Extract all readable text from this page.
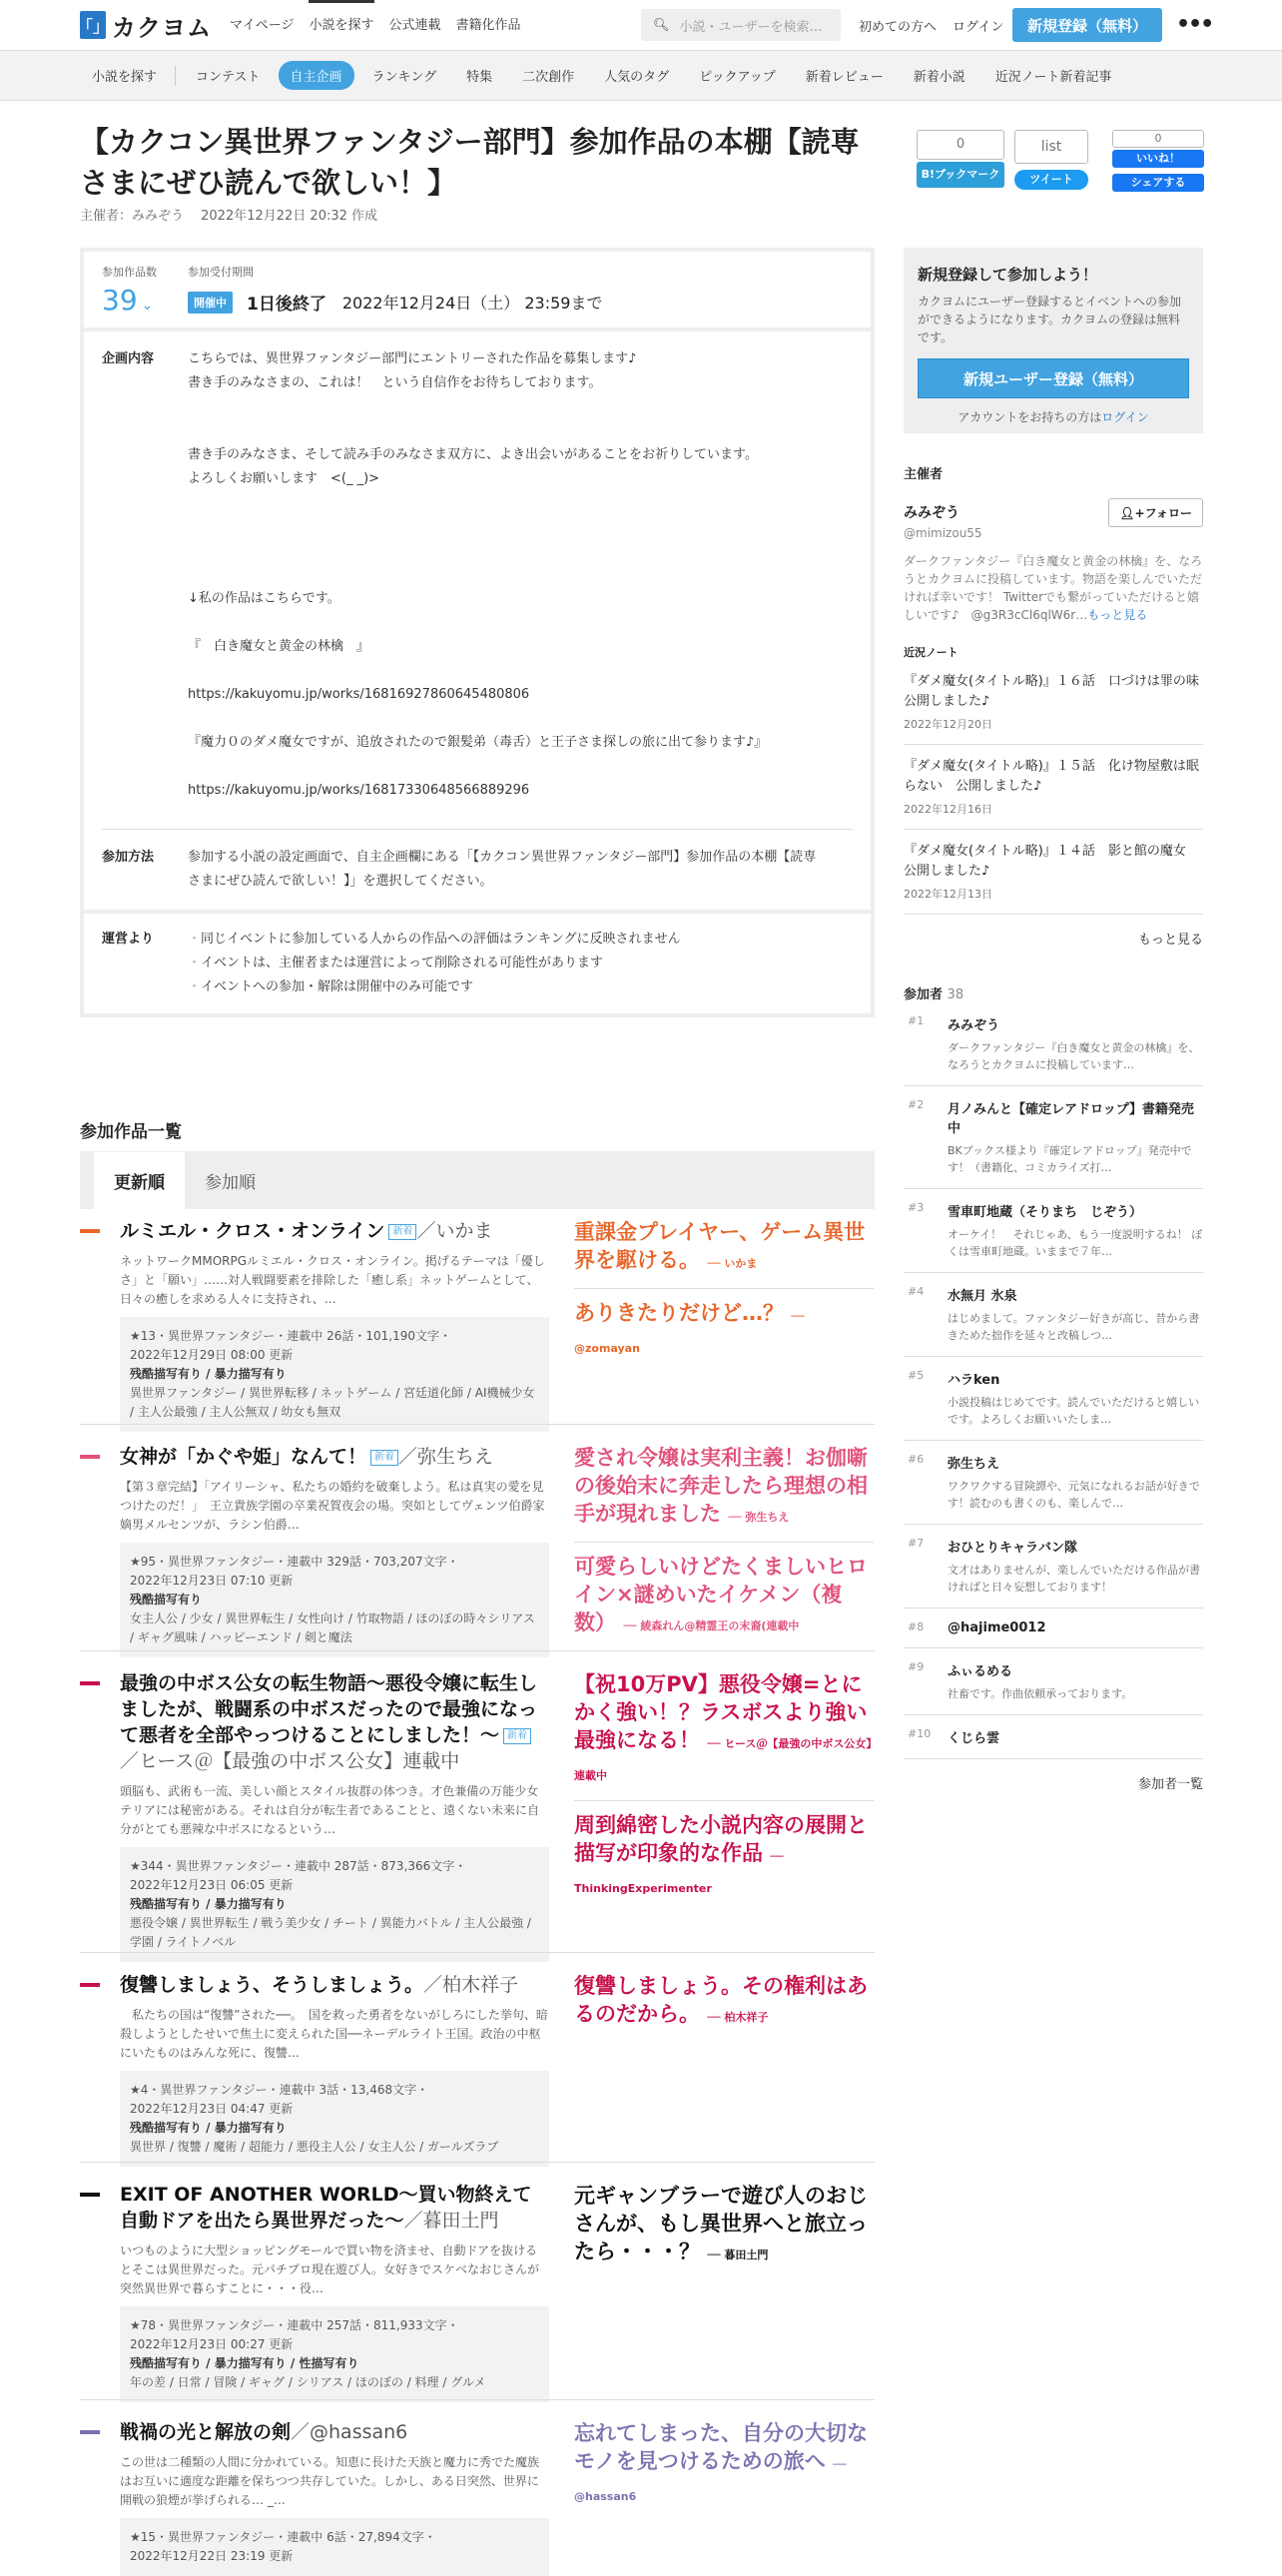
「」 カクヨム マイページ 小説を探す 公式連載 書籍化作品	🔍︎ 小説・ユーザーを検索…	初めての方へ ログイン	新規登録（無料）	•••
小説を探す	コンテスト	自主企画	ランキング	特集	二次創作	人気のタグ	ピックアップ	新着レビュー	新着小説	近況ノート新着記事
【カクコン異世界ファンタジー部門】参加作品の本棚【読専さまにぜひ読んで欲しい！】
主催者：みみぞう　 2022年12月22日 20:32 作成
0
B!ブックマーク
list
ツイート
0
いいね！
シェアする
参加作品数
39 ⌄
参加受付期間
開催中	1日後終了 2022年12月24日（土） 23:59まで
企画内容	こちらでは、異世界ファンタジー部門にエントリーされた作品を募集します♪

書き手のみなさまの、これは！　という自信作をお待ちしております。

書き手のみなさま、そして読み手のみなさま双方に、よき出会いがあることをお祈りしています。

よろしくお願いします　<(_ _)>

↓私の作品はこちらです。

『　白き魔女と黄金の林檎　』

https://kakuyomu.jp/works/16816927860645480806

『魔力０のダメ魔女ですが、追放されたので銀髪弟（毒舌）と王子さま探しの旅に出て参ります♪』

https://kakuyomu.jp/works/16817330648566889296

参加方法	参加する小説の設定画面で、自主企画欄にある「【カクコン異世界ファンタジー部門】参加作品の本棚【読専さまにぜひ読んで欲しい！】」を選択してください。
運営より
・	同じイベントに参加している人からの作品への評価はランキングに反映されません
・ イベントは、主催者または運営によって削除される可能性があります
・ イベントへの参加・解除は開催中のみ可能です
参加作品一覧
更新順	参加順
ルミエル・クロス・オンライン 新着 ／いかま
ネットワークMMORPGルミエル・クロス・オンライン。掲げるテーマは「優しさ」と「願い」……対人戦闘要素を排除した「癒し系」ネットゲームとして、日々の癒しを求める人々に支持され、…
★13・異世界ファンタジー・連載中 26話・101,190文字・
2022年12月29日 08:00 更新
残酷描写有り / 暴力描写有り
異世界ファンタジー / 異世界転移 / ネットゲーム / 宮廷道化師 / AI機械少女 / 主人公最強 / 主人公無双 / 幼女も無双
重課金プレイヤー、ゲーム異世界を駆ける。 ── いかま
ありきたりだけど…？ ── @zomayan
女神が「かぐや姫」なんて！ 新着 ／弥生ちえ
【第３章完結】「アイリーシャ、私たちの婚約を破棄しよう。私は真実の愛を見つけたのだ！」　王立貴族学園の卒業祝賀夜会の場。突如としてヴェンツ伯爵家嫡男メルセンツが、ラシン伯爵…
★95・異世界ファンタジー・連載中 329話・703,207文字・
2022年12月23日 07:10 更新
残酷描写有り
女主人公 / 少女 / 異世界転生 / 女性向け / 竹取物語 / ほのぼの時々シリアス / ギャグ風味 / ハッピーエンド / 剣と魔法
愛され令嬢は実利主義！お伽噺の後始末に奔走したら理想の相手が現れました ── 弥生ちえ
可愛らしいけどたくましいヒロイン×謎めいたイケメン（複数） ── 綾森れん@精霊王の末裔(連載中
最強の中ボス公女の転生物語～悪役令嬢に転生しましたが、戦闘系の中ボスだったので最強になって悪者を全部やっつけることにしました！～ 新着／ヒース＠【最強の中ボス公女】連載中
頭脳も、武術も一流、美しい顔とスタイル抜群の体つき。才色兼備の万能少女テリアには秘密がある。それは自分が転生者であることと、遠くない未来に自分がとても悪辣な中ボスになるという…
★344・異世界ファンタジー・連載中 287話・873,366文字・
2022年12月23日 06:05 更新
残酷描写有り / 暴力描写有り
悪役令嬢 / 異世界転生 / 戦う美少女 / チート / 異能力バトル / 主人公最強 / 学園 / ライトノベル
【祝10万PV】悪役令嬢=とにかく強い！？ラスボスより強い最強になる！ ── ヒース＠【最強の中ボス公女】連載中
周到綿密した小説内容の展開と描写が印象的な作品 ── ThinkingExperimenter
復讐しましょう、そうしましょう。／柏木祥子
　私たちの国は“復讐”された──。　国を救った勇者をないがしろにした挙句、暗殺しようとしたせいで焦土に変えられた国──ネーデルライト王国。政治の中枢にいたものはみんな死に、復讐…
★4・異世界ファンタジー・連載中 3話・13,468文字・
2022年12月23日 04:47 更新
残酷描写有り / 暴力描写有り
異世界 / 復讐 / 魔術 / 超能力 / 悪役主人公 / 女主人公 / ガールズラブ
復讐しましょう。その権利はあるのだから。 ── 柏木祥子
EXIT OF ANOTHER WORLD～買い物終えて自動ドアを出たら異世界だった～／暮田土門
いつものように大型ショッピングモールで買い物を済ませ、自動ドアを抜けるとそこは異世界だった。元パチプロ現在遊び人。女好きでスケベなおじさんが突然異世界で暮らすことに・・・役…
★78・異世界ファンタジー・連載中 257話・811,933文字・
2022年12月23日 00:27 更新
残酷描写有り / 暴力描写有り / 性描写有り
年の差 / 日常 / 冒険 / ギャグ / シリアス / ほのぼの / 料理 / グルメ
元ギャンブラーで遊び人のおじさんが、もし異世界へと旅立ったら・・・？ ── 暮田土門
戦禍の光と解放の剣／@hassan6
この世は二種類の人間に分かれている。知恵に長けた天族と魔力に秀でた魔族はお互いに適度な距離を保ちつつ共存していた。しかし、ある日突然、世界に開戦の狼煙が挙げられる… _…
★15・異世界ファンタジー・連載中 6話・27,894文字・
2022年12月22日 23:19 更新
忘れてしまった、自分の大切なモノを見つけるための旅へ ── @hassan6
新規登録して参加しよう！

カクヨムにユーザー登録するとイベントへの参加ができるようになります。カクヨムの登録は無料です。

新規ユーザー登録（無料）
アカウントをお持ちの方はログイン
主催者
みみぞう
@mimizou55
👤︎+フォロー
ダークファンタジー『白き魔女と黄金の林檎』を、なろうとカクヨムに投稿しています。物語を楽しんでいただければ幸いです！ Twitterでも繋がっていただけると嬉しいです♪　@g3R3cCl6qlW6r…もっと見る
近況ノート
『ダメ魔女(タイトル略)』１６話　口づけは罪の味　公開しました♪
2022年12月20日
『ダメ魔女(タイトル略)』１５話　化け物屋敷は眠らない　公開しました♪
2022年12月16日
『ダメ魔女(タイトル略)』１４話　影と館の魔女　公開しました♪
2022年12月13日
もっと見る
参加者 38
#1 みみぞう
ダークファンタジー『白き魔女と黄金の林檎』を、なろうとカクヨムに投稿しています…
#2 月ノみんと【確定レアドロップ】書籍発売中
BKブックス様より『確定レアドロップ』発売中です！（書籍化、コミカライズ打…
#3 雪車町地蔵（そりまち　じぞう）
オーケイ！　それじゃあ、もう一度説明するね！ ぼくは雪車町地蔵。いままで７年…
#4 水無月 氷泉
はじめまして。ファンタジー好きが高じ、昔から書きためた拙作を延々と改稿しつ…
#5 ハラken
小説投稿はじめてです。読んでいただけると嬉しいです。よろしくお願いいたしま…
#6 弥生ちえ
ワクワクする冒険譚や、元気になれるお話が好きです！読むのも書くのも、楽しんで…
#7 おひとりキャラバン隊
文才はありませんが、楽しんでいただける作品が書ければと日々妄想しております！
#8 @hajime0012
#9 ふぃるめる
社畜です。作曲依頼承っております。
#10 くじら雲
参加者一覧
